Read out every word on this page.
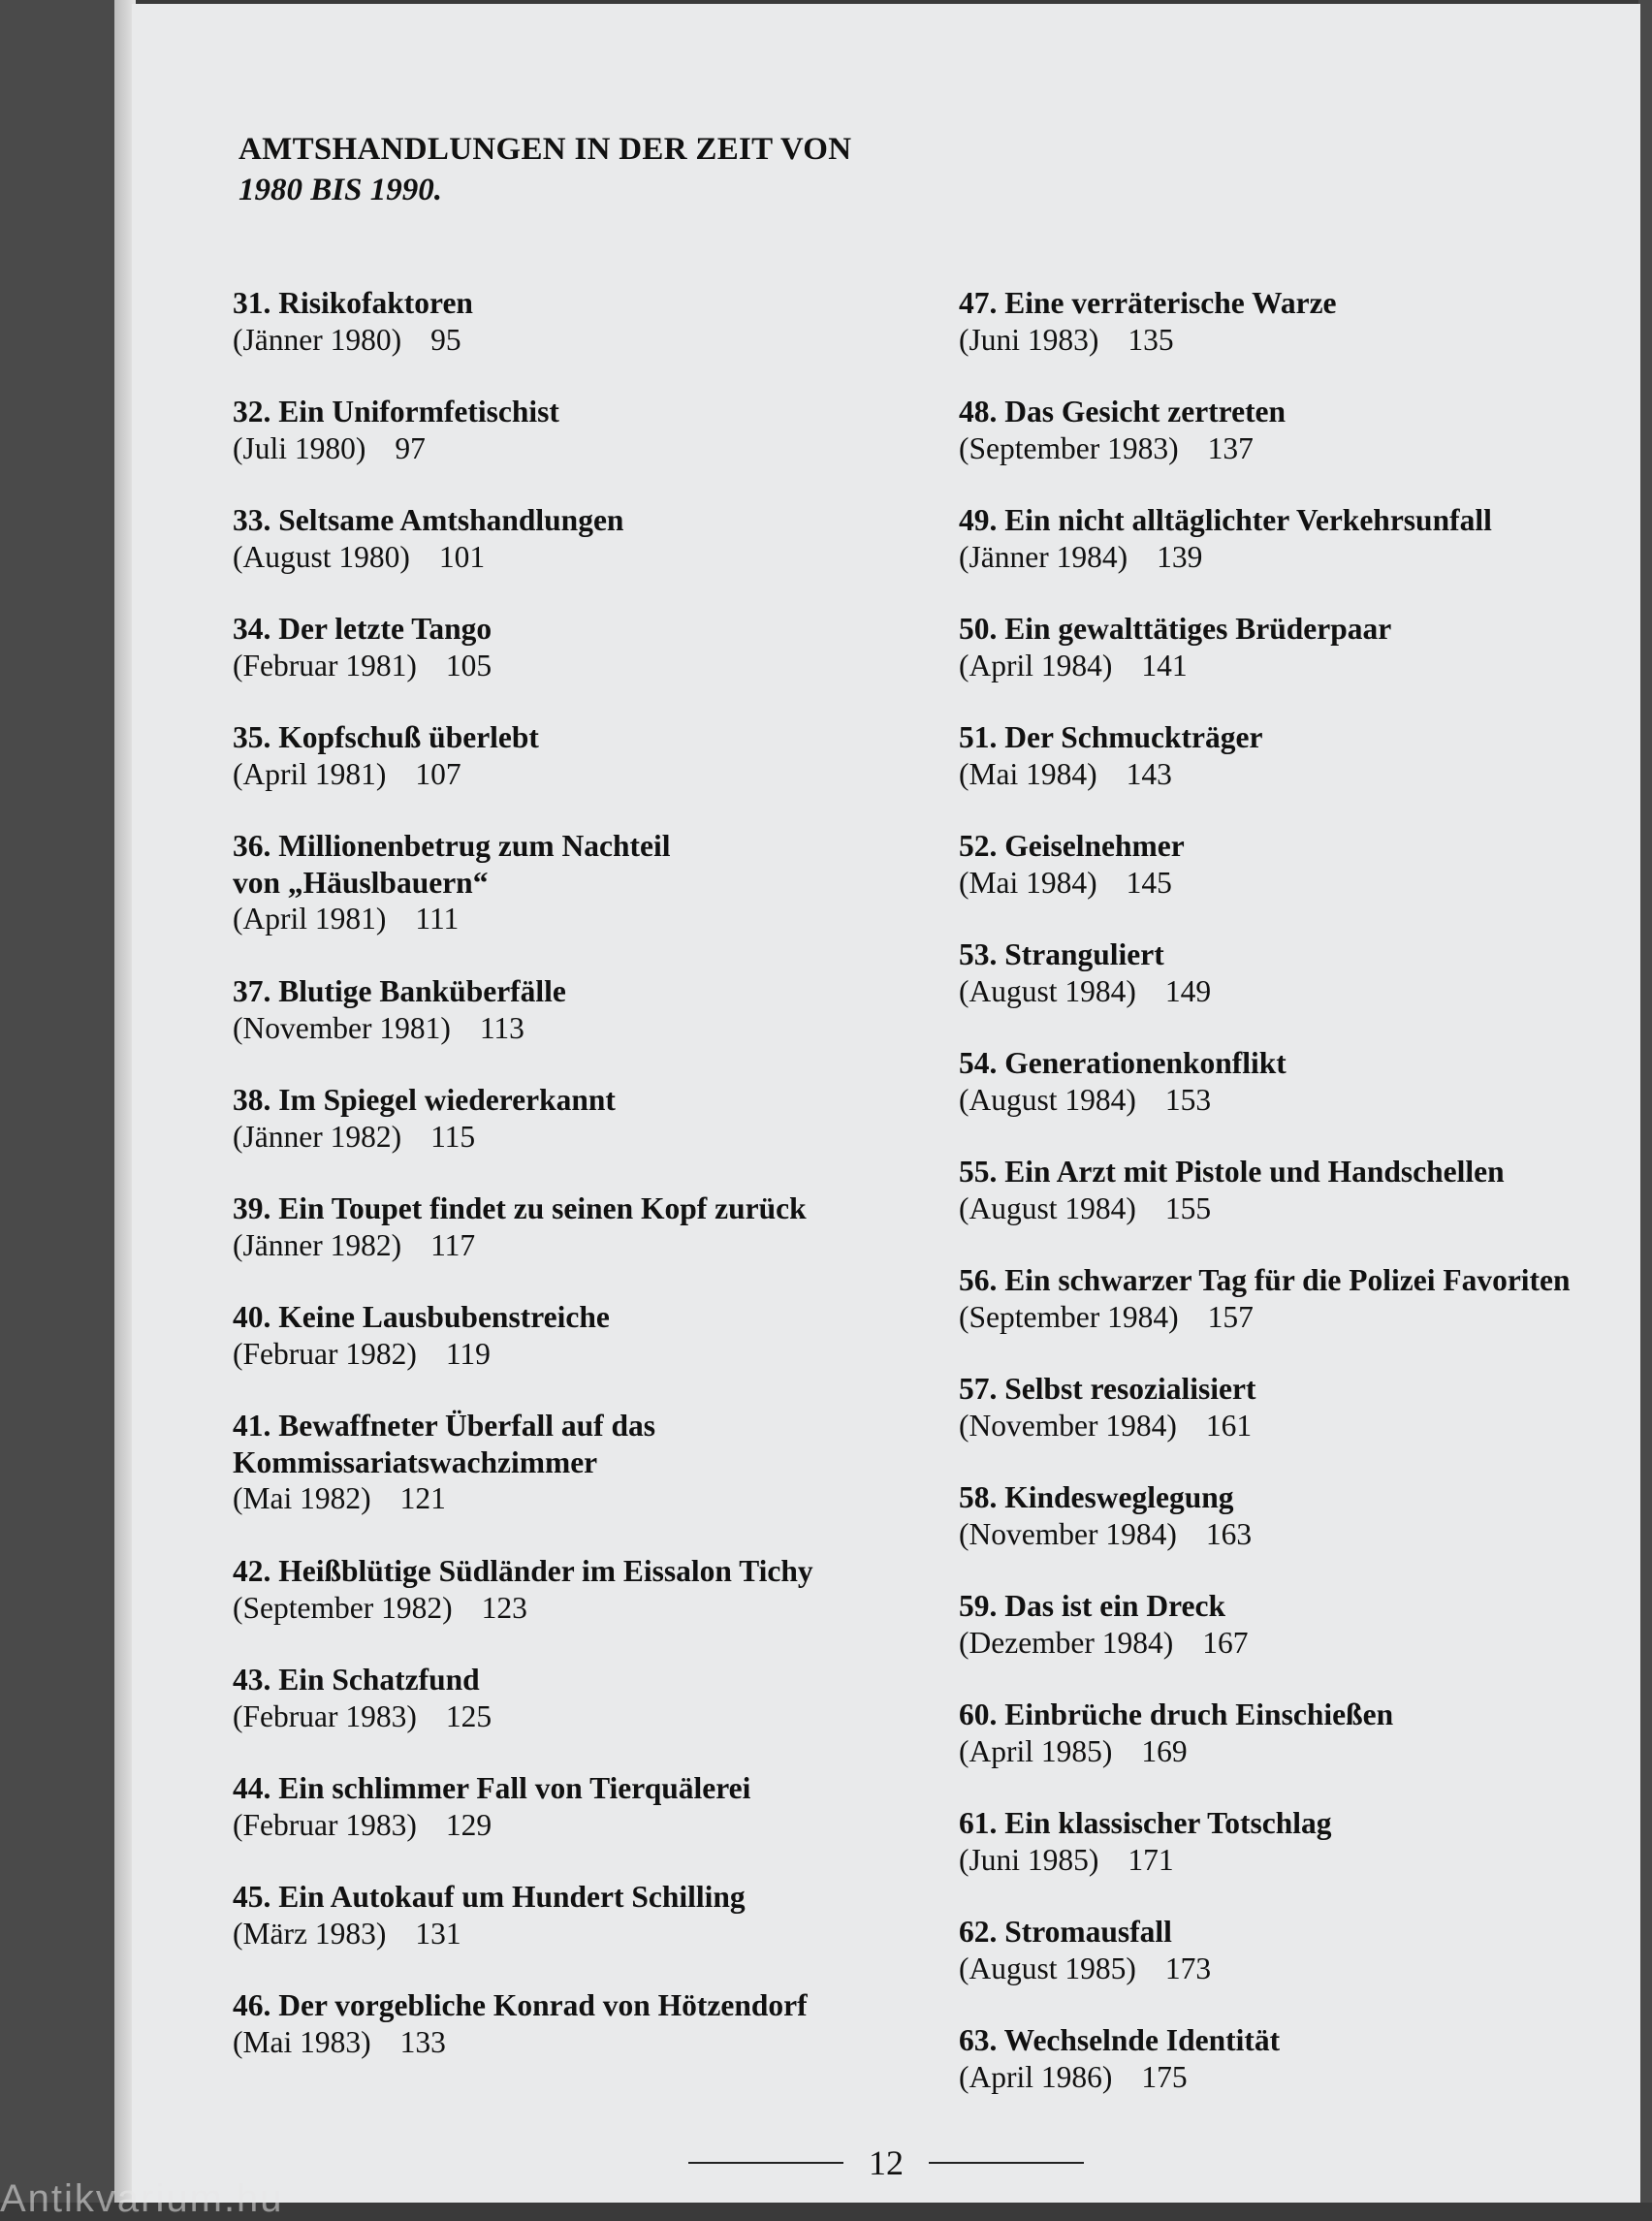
AMTSHANDLUNGEN IN DER ZEIT VON
1980 BIS 1990.
31. Risikofaktoren
(Jänner 1980) 95
32. Ein Uniformfetischist
(Juli 1980) 97
33. Seltsame Amtshandlungen
(August 1980) 101
34. Der letzte Tango
(Februar 1981) 105
35. Kopfschuß überlebt
(April 1981) 107
36. Millionenbetrug zum Nachteil von „Häuslbauern“
(April 1981) 111
37. Blutige Banküberfälle
(November 1981) 113
38. Im Spiegel wiedererkannt
(Jänner 1982) 115
39. Ein Toupet findet zu seinen Kopf zurück
(Jänner 1982) 117
40. Keine Lausbubenstreiche
(Februar 1982) 119
41. Bewaffneter Überfall auf das Kommissariatswachzimmer
(Mai 1982) 121
42. Heißblütige Südländer im Eissalon Tichy
(September 1982) 123
43. Ein Schatzfund
(Februar 1983) 125
44. Ein schlimmer Fall von Tierquälerei
(Februar 1983) 129
45. Ein Autokauf um Hundert Schilling
(März 1983) 131
46. Der vorgebliche Konrad von Hötzendorf
(Mai 1983) 133
47. Eine verräterische Warze
(Juni 1983) 135
48. Das Gesicht zertreten
(September 1983) 137
49. Ein nicht alltäglichter Verkehrsunfall
(Jänner 1984) 139
50. Ein gewalttätiges Brüderpaar
(April 1984) 141
51. Der Schmuckträger
(Mai 1984) 143
52. Geiselnehmer
(Mai 1984) 145
53. Stranguliert
(August 1984) 149
54. Generationenkonflikt
(August 1984) 153
55. Ein Arzt mit Pistole und Handschellen
(August 1984) 155
56. Ein schwarzer Tag für die Polizei Favoriten
(September 1984) 157
57. Selbst resozialisiert
(November 1984) 161
58. Kindesweglegung
(November 1984) 163
59. Das ist ein Dreck
(Dezember 1984) 167
60. Einbrüche druch Einschießen
(April 1985) 169
61. Ein klassischer Totschlag
(Juni 1985) 171
62. Stromausfall
(August 1985) 173
63. Wechselnde Identität
(April 1986) 175
12
Antikvarium.hu
